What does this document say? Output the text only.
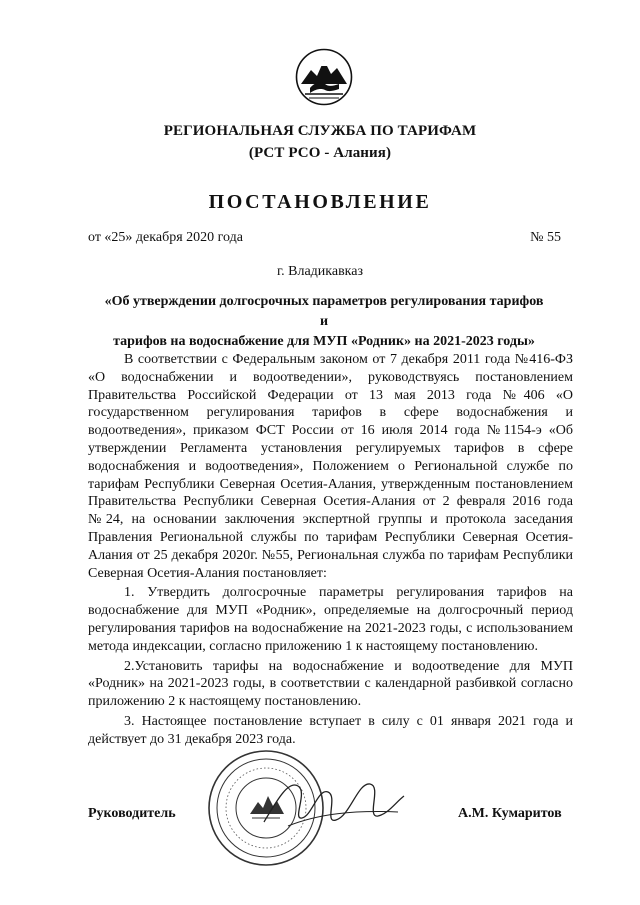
РЕГИОНАЛЬНАЯ СЛУЖБА ПО ТАРИФАМ
(РСТ РСО - Алания)
ПОСТАНОВЛЕНИЕ
от «25» декабря 2020 года	№ 55
г. Владикавказ
«Об утверждении долгосрочных параметров регулирования тарифов и
тарифов на водоснабжение для МУП «Родник» на 2021-2023 годы»

В соответствии с Федеральным законом от 7 декабря 2011 года №416-ФЗ «О водоснабжении и водоотведении», руководствуясь постановлением Правительства Российской Федерации от 13 мая 2013 года №406 «О государственном регулирования тарифов в сфере водоснабжения и водоотведения», приказом ФСТ России от 16 июля 2014 года №1154-э «Об утверждении Регламента установления регулируемых тарифов в сфере водоснабжения и водоотведения», Положением о Региональной службе по тарифам Республики Северная Осетия-Алания, утвержденным постановлением Правительства Республики Северная Осетия-Алания от 2 февраля 2016 года №24, на основании заключения экспертной группы и протокола заседания Правления Региональной службы по тарифам Республики Северная Осетия-Алания от 25 декабря 2020г. №55, Региональная служба по тарифам Республики Северная Осетия-Алания постановляет:

1. Утвердить долгосрочные параметры регулирования тарифов на водоснабжение для МУП «Родник», определяемые на долгосрочный период регулирования тарифов на водоснабжение на 2021-2023 годы, с использованием метода индексации, согласно приложению 1 к настоящему постановлению.

2.Установить тарифы на водоснабжение и водоотведение для МУП «Родник» на 2021-2023 годы, в соответствии с календарной разбивкой согласно приложению 2 к настоящему постановлению.

3. Настоящее постановление вступает в силу с 01 января 2021 года и действует до 31 декабря 2023 года.

Руководитель	А.М. Кумаритов
